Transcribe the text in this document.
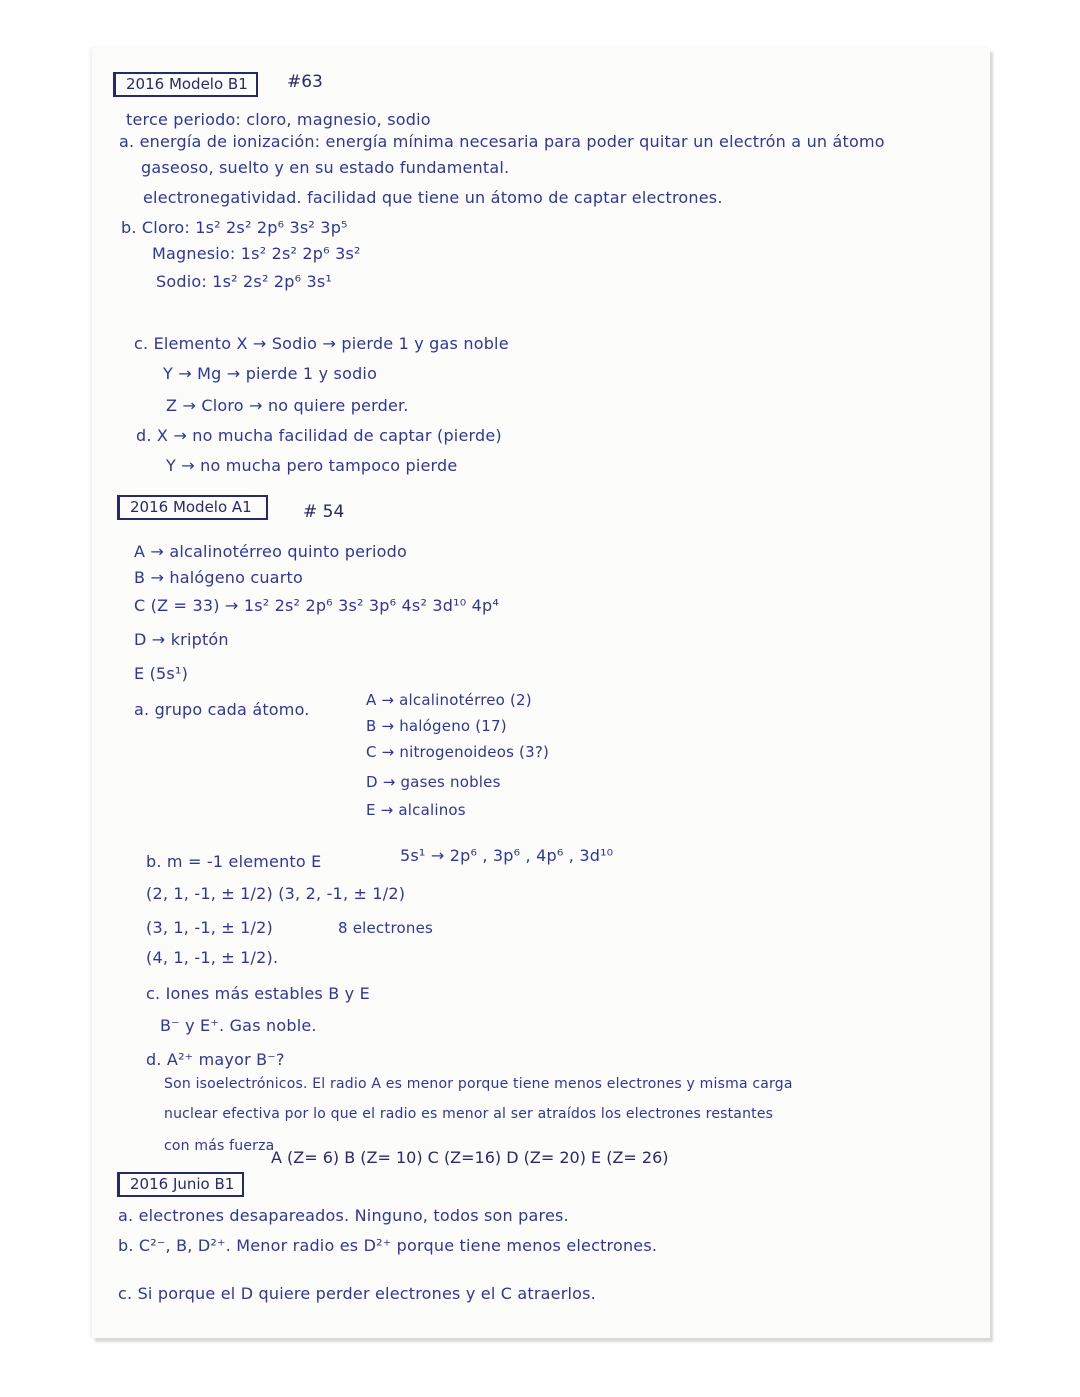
2016 Modelo B1	#63
terce periodo: cloro, magnesio, sodio
a. energía de ionización: energía mínima necesaria para poder quitar un electrón a un átomo
gaseoso, suelto y en su estado fundamental.
electronegatividad. facilidad que tiene un átomo de captar electrones.
b. Cloro: 1s² 2s² 2p⁶ 3s² 3p⁵
Magnesio: 1s² 2s² 2p⁶ 3s²
Sodio: 1s² 2s² 2p⁶ 3s¹
c. Elemento X → Sodio → pierde 1 y gas noble
Y → Mg → pierde 1 y sodio
Z → Cloro → no quiere perder.
d. X → no mucha facilidad de captar (pierde)
Y → no mucha pero tampoco pierde
2016 Modelo A1	# 54
A → alcalinotérreo quinto periodo
B → halógeno cuarto
C (Z = 33) → 1s² 2s² 2p⁶ 3s² 3p⁶ 4s² 3d¹⁰ 4p⁴
D → kriptón
E (5s¹)
a. grupo cada átomo.	A → alcalinotérreo (2)
B → halógeno (17)
C → nitrogenoideos (3?)
D → gases nobles
E → alcalinos
b. m = -1 elemento E	5s¹ → 2p⁶ , 3p⁶ , 4p⁶ , 3d¹⁰
(2, 1, -1, ± 1/2) (3, 2, -1, ± 1/2)
(3, 1, -1, ± 1/2)	8 electrones
(4, 1, -1, ± 1/2).
c. Iones más estables B y E
B⁻ y E⁺. Gas noble.
d. A²⁺ mayor B⁻?
Son isoelectrónicos. El radio A es menor porque tiene menos electrones y misma carga
nuclear efectiva por lo que el radio es menor al ser atraídos los electrones restantes
con más fuerza
2016 Junio B1
A (Z= 6) B (Z= 10) C (Z=16) D (Z= 20) E (Z= 26)
a. electrones desapareados. Ninguno, todos son pares.
b. C²⁻, B, D²⁺. Menor radio es D²⁺ porque tiene menos electrones.
c. Si porque el D quiere perder electrones y el C atraerlos.
